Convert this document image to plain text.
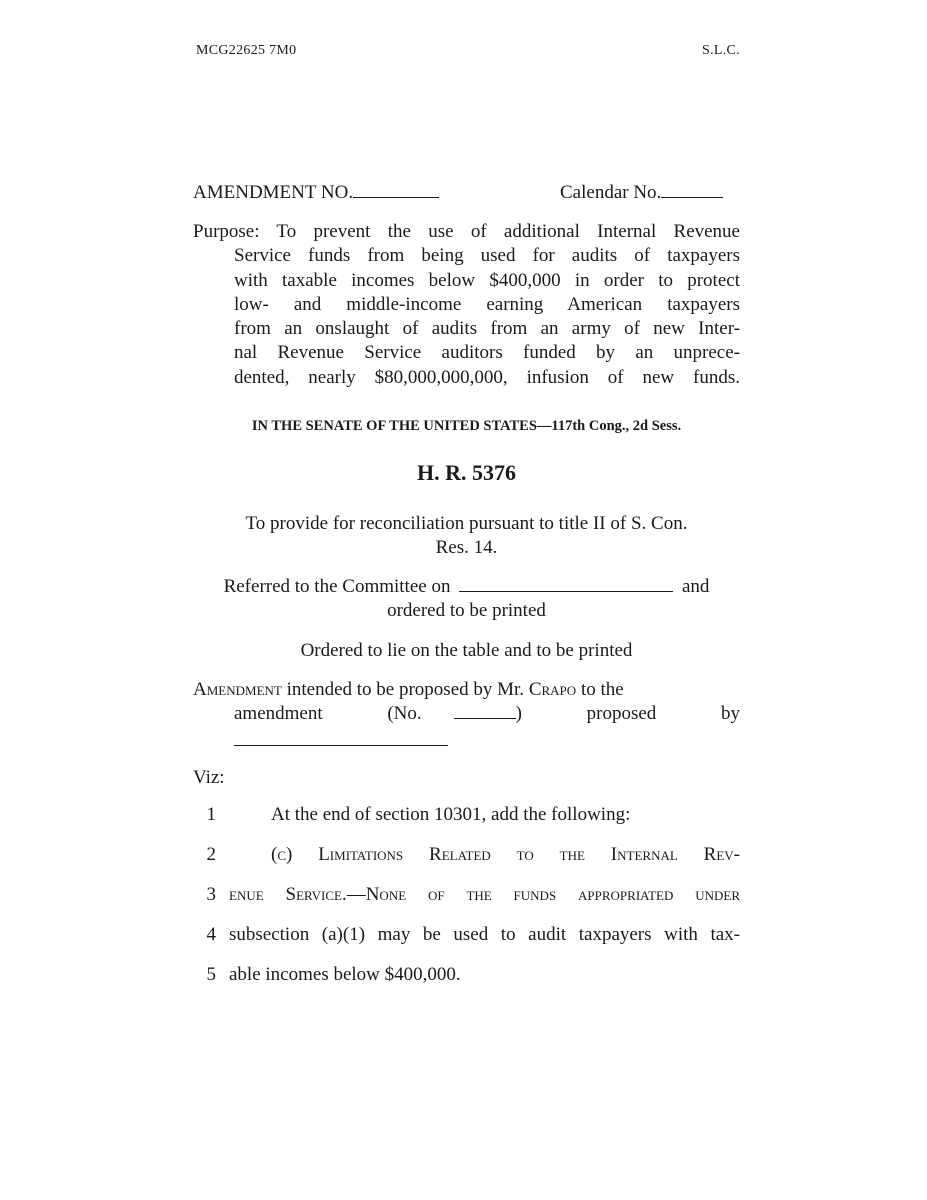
MCG22625 7M0	S.L.C.
AMENDMENT NO.	Calendar No.
Purpose: To prevent the use of additional Internal Revenue
Service funds from being used for audits of taxpayers
with taxable incomes below $400,000 in order to protect
low- and middle-income earning American taxpayers
from an onslaught of audits from an army of new Inter-
nal Revenue Service auditors funded by an unprece-
dented, nearly $80,000,000,000, infusion of new funds.
IN THE SENATE OF THE UNITED STATES—117th Cong., 2d Sess.
H. R. 5376
To provide for reconciliation pursuant to title II of S. Con.
Res. 14.
Referred to the Committee on	and
ordered to be printed
Ordered to lie on the table and to be printed
Amendment intended to be proposed by Mr. Crapo to the
amendment	(No.	)	proposed	by
Viz:
1	At the end of section 10301, add the following:
2	(c) Limitations Related to the Internal Rev-
3 enue Service.—None of the funds appropriated under
4 subsection (a)(1) may be used to audit taxpayers with tax-
5 able incomes below $400,000.
